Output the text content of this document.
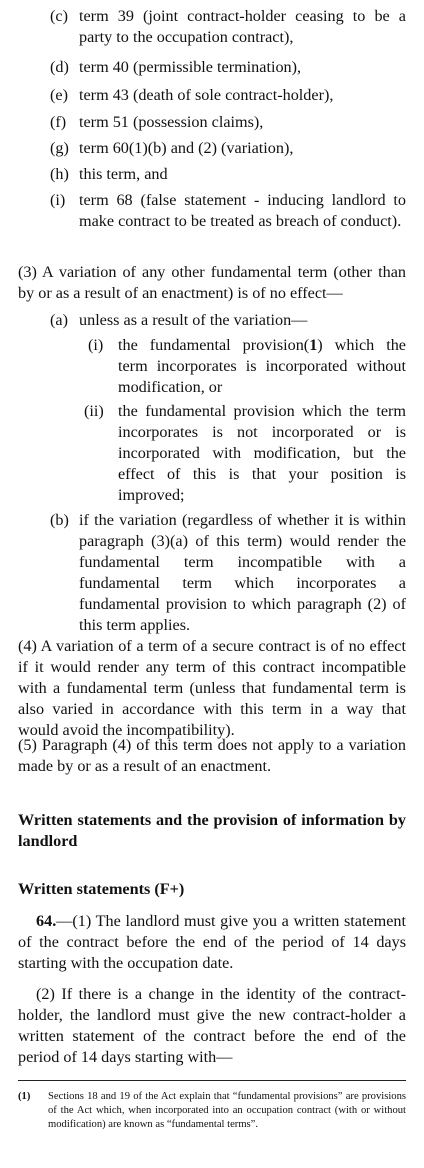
(c) term 39 (joint contract-holder ceasing to be a party to the occupation contract),
(d) term 40 (permissible termination),
(e) term 43 (death of sole contract-holder),
(f) term 51 (possession claims),
(g) term 60(1)(b) and (2) (variation),
(h) this term, and
(i) term 68 (false statement - inducing landlord to make contract to be treated as breach of conduct).
(3) A variation of any other fundamental term (other than by or as a result of an enactment) is of no effect—
(a) unless as a result of the variation—
(i) the fundamental provision(1) which the term incorporates is incorporated without modification, or
(ii) the fundamental provision which the term incorporates is not incorporated or is incorporated with modification, but the effect of this is that your position is improved;
(b) if the variation (regardless of whether it is within paragraph (3)(a) of this term) would render the fundamental term incompatible with a fundamental term which incorporates a fundamental provision to which paragraph (2) of this term applies.
(4) A variation of a term of a secure contract is of no effect if it would render any term of this contract incompatible with a fundamental term (unless that fundamental term is also varied in accordance with this term in a way that would avoid the incompatibility).
(5) Paragraph (4) of this term does not apply to a variation made by or as a result of an enactment.
Written statements and the provision of information by landlord
Written statements (F+)
64.—(1) The landlord must give you a written statement of the contract before the end of the period of 14 days starting with the occupation date.
(2) If there is a change in the identity of the contract-holder, the landlord must give the new contract-holder a written statement of the contract before the end of the period of 14 days starting with—
(1) Sections 18 and 19 of the Act explain that “fundamental provisions” are provisions of the Act which, when incorporated into an occupation contract (with or without modification) are known as “fundamental terms”.
